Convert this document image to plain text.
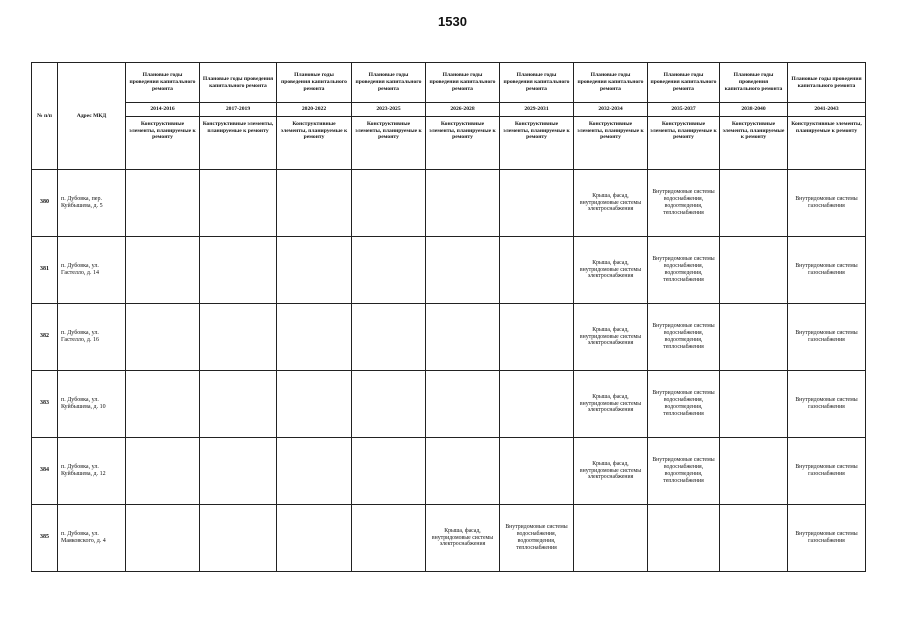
1530
№ п/п	Адрес МКД	Плановые годы проведения капитального ремонта	Плановые годы проведения капитального ремонта	Плановые годы проведения капитального ремонта	Плановые годы проведения капитального ремонта	Плановые годы проведения капитального ремонта	Плановые годы проведения капитального ремонта	Плановые годы проведения капитального ремонта	Плановые годы проведения капитального ремонта	Плановые годы проведения капитального ремонта	Плановые годы проведения капитального ремонта
		2014-2016	2017-2019	2020-2022	2023-2025	2026-2028	2029-2031	2032-2034	2035-2037	2038-2040	2041-2043
		Конструктивные элементы, планируемые к ремонту	Конструктивные элементы, планируемые к ремонту	Конструктивные элементы, планируемые к ремонту	Конструктивные элементы, планируемые к ремонту	Конструктивные элементы, планируемые к ремонту	Конструктивные элементы, планируемые к ремонту	Конструктивные элементы, планируемые к ремонту	Конструктивные элементы, планируемые к ремонту	Конструктивные элементы, планируемые к ремонту	Конструктивные элементы, планируемые к ремонту
380	п. Дубовка, пер. Куйбышева, д. 5							Крыша, фасад, внутридомовые системы электроснабжения	Внутридомовые системы водоснабжения, водоотведения, теплоснабжения		Внутридомовые системы газоснабжения
381	п. Дубовка, ул. Гастелло, д. 14							Крыша, фасад, внутридомовые системы электроснабжения	Внутридомовые системы водоснабжения, водоотведения, теплоснабжения		Внутридомовые системы газоснабжения
382	п. Дубовка, ул. Гастелло, д. 16							Крыша, фасад, внутридомовые системы электроснабжения	Внутридомовые системы водоснабжения, водоотведения, теплоснабжения		Внутридомовые системы газоснабжения
383	п. Дубовка, ул. Куйбышева, д. 10							Крыша, фасад, внутридомовые системы электроснабжения	Внутридомовые системы водоснабжения, водоотведения, теплоснабжения		Внутридомовые системы газоснабжения
384	п. Дубовка, ул. Куйбышева, д. 12							Крыша, фасад, внутридомовые системы электроснабжения	Внутридомовые системы водоснабжения, водоотведения, теплоснабжения		Внутридомовые системы газоснабжения
385	п. Дубовка, ул. Маяковского, д. 4					Крыша, фасад, внутридомовые системы электроснабжения	Внутридомовые системы водоснабжения, водоотведения, теплоснабжения				Внутридомовые системы газоснабжения
